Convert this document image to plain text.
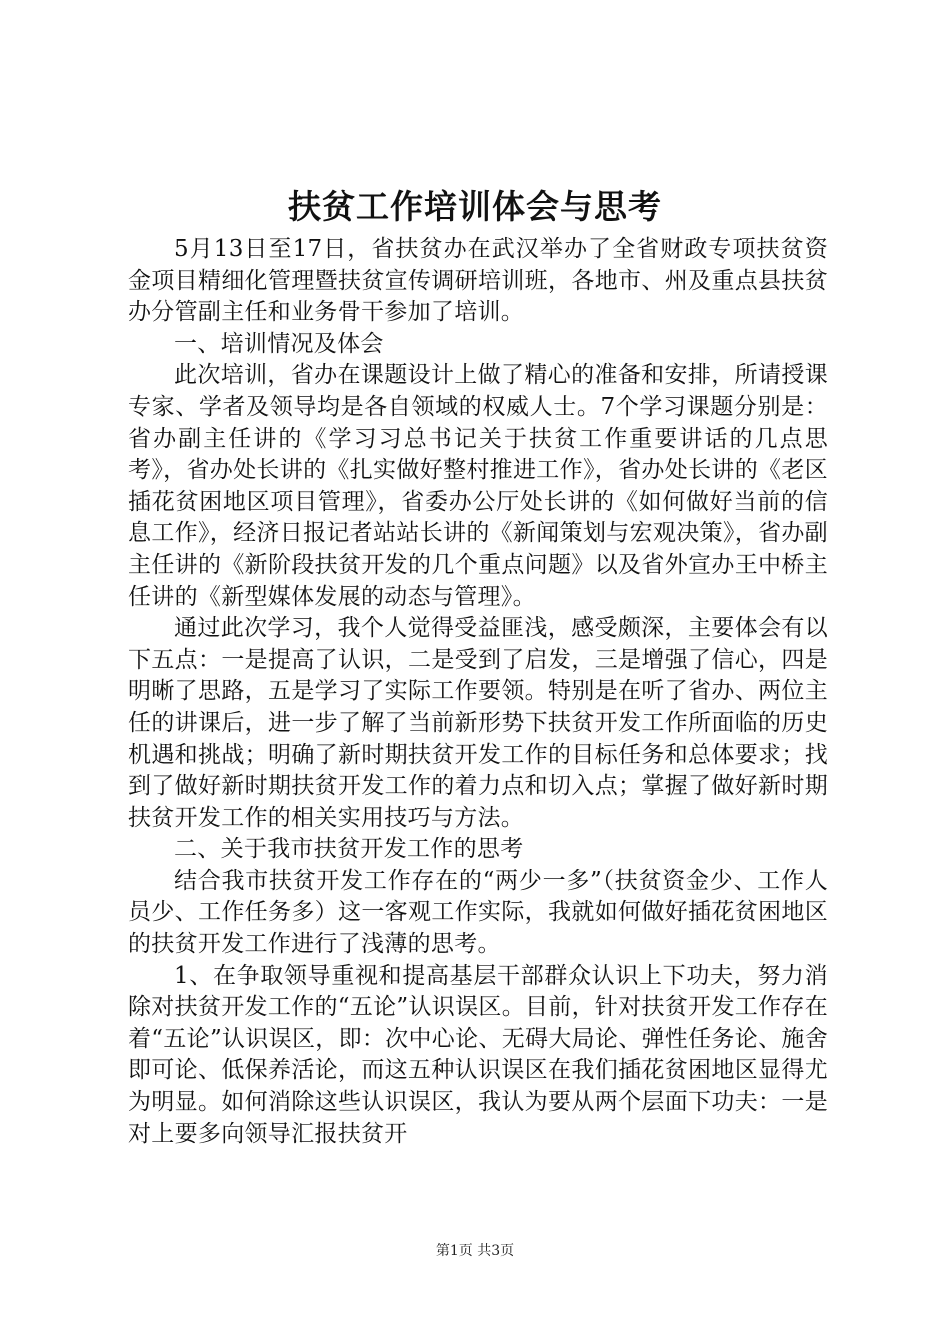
扶贫工作培训体会与思考

5月13日至17日，省扶贫办在武汉举办了全省财政专项扶贫资金项目精细化管理暨扶贫宣传调研培训班，各地市、州及重点县扶贫办分管副主任和业务骨干参加了培训。

一、培训情况及体会

此次培训，省办在课题设计上做了精心的准备和安排，所请授课专家、学者及领导均是各自领域的权威人士。7个学习课题分别是：省办副主任讲的《学习习总书记关于扶贫工作重要讲话的几点思考》，省办处长讲的《扎实做好整村推进工作》，省办处长讲的《老区插花贫困地区项目管理》，省委办公厅处长讲的《如何做好当前的信息工作》，经济日报记者站站长讲的《新闻策划与宏观决策》，省办副主任讲的《新阶段扶贫开发的几个重点问题》以及省外宣办王中桥主任讲的《新型媒体发展的动态与管理》。

通过此次学习，我个人觉得受益匪浅，感受颇深，主要体会有以下五点：一是提高了认识，二是受到了启发，三是增强了信心，四是明晰了思路，五是学习了实际工作要领。特别是在听了省办、两位主任的讲课后，进一步了解了当前新形势下扶贫开发工作所面临的历史机遇和挑战；明确了新时期扶贫开发工作的目标任务和总体要求；找到了做好新时期扶贫开发工作的着力点和切入点；掌握了做好新时期扶贫开发工作的相关实用技巧与方法。

二、关于我市扶贫开发工作的思考

结合我市扶贫开发工作存在的“两少一多”（扶贫资金少、工作人员少、工作任务多）这一客观工作实际，我就如何做好插花贫困地区的扶贫开发工作进行了浅薄的思考。

1、在争取领导重视和提高基层干部群众认识上下功夫，努力消除对扶贫开发工作的“五论”认识误区。目前，针对扶贫开发工作存在着“五论”认识误区，即：次中心论、无碍大局论、弹性任务论、施舍即可论、低保养活论，而这五种认识误区在我们插花贫困地区显得尤为明显。如何消除这些认识误区，我认为要从两个层面下功夫：一是对上要多向领导汇报扶贫开

第1页 共3页
